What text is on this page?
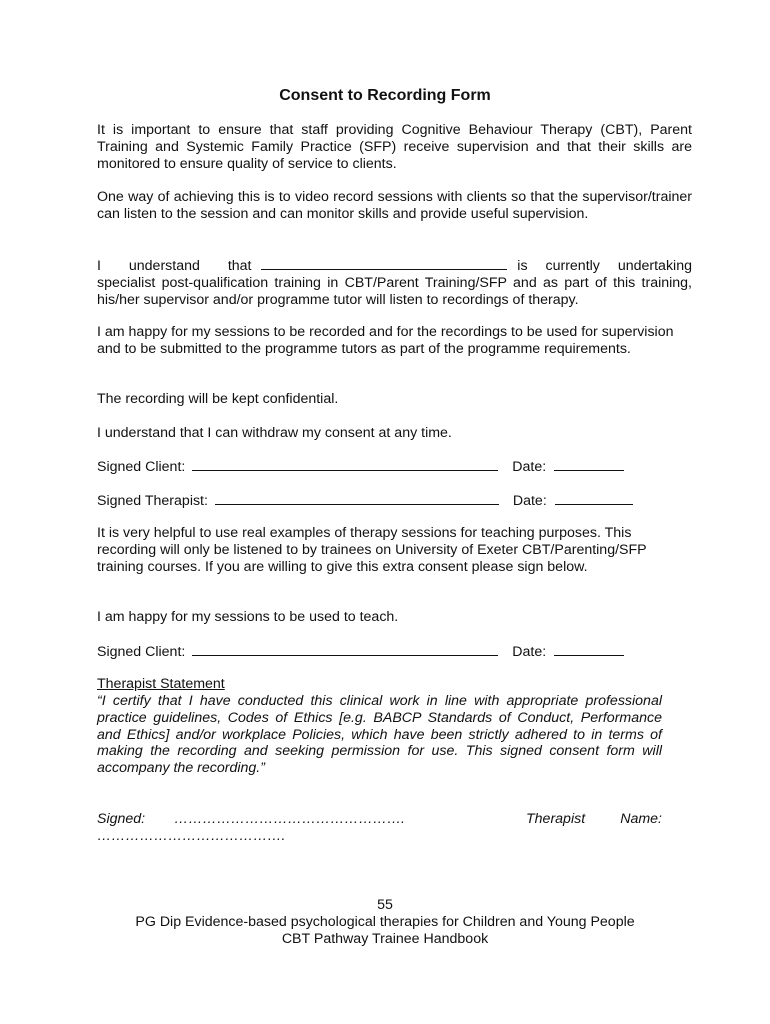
Consent to Recording Form

It is important to ensure that staff providing Cognitive Behaviour Therapy (CBT), Parent Training and Systemic Family Practice (SFP) receive supervision and that their skills are monitored to ensure quality of service to clients.

One way of achieving this is to video record sessions with clients so that the supervisor/trainer can listen to the session and can monitor skills and provide useful supervision.

I understand that	is currently undertaking

specialist post-qualification training in CBT/Parent Training/SFP and as part of this training, his/her supervisor and/or programme tutor will listen to recordings of therapy.

I am happy for my sessions to be recorded and for the recordings to be used for supervision and to be submitted to the programme tutors as part of the programme requirements.

The recording will be kept confidential.

I understand that I can withdraw my consent at any time.

Signed Client:	Date:
Signed Therapist:	Date:

It is very helpful to use real examples of therapy sessions for teaching purposes. This recording will only be listened to by trainees on University of Exeter CBT/Parenting/SFP training courses. If you are willing to give this extra consent please sign below.

I am happy for my sessions to be used to teach.

Signed Client:	Date:
Therapist Statement

“I certify that I have conducted this clinical work in line with appropriate professional practice guidelines, Codes of Ethics [e.g. BABCP Standards of Conduct, Performance and Ethics] and/or workplace Policies, which have been strictly adhered to in terms of making the recording and seeking permission for use. This signed consent form will accompany the recording.”

Signed: ………………………………………….	Therapist Name:
………………………………….
55
PG Dip Evidence-based psychological therapies for Children and Young People
CBT Pathway Trainee Handbook
